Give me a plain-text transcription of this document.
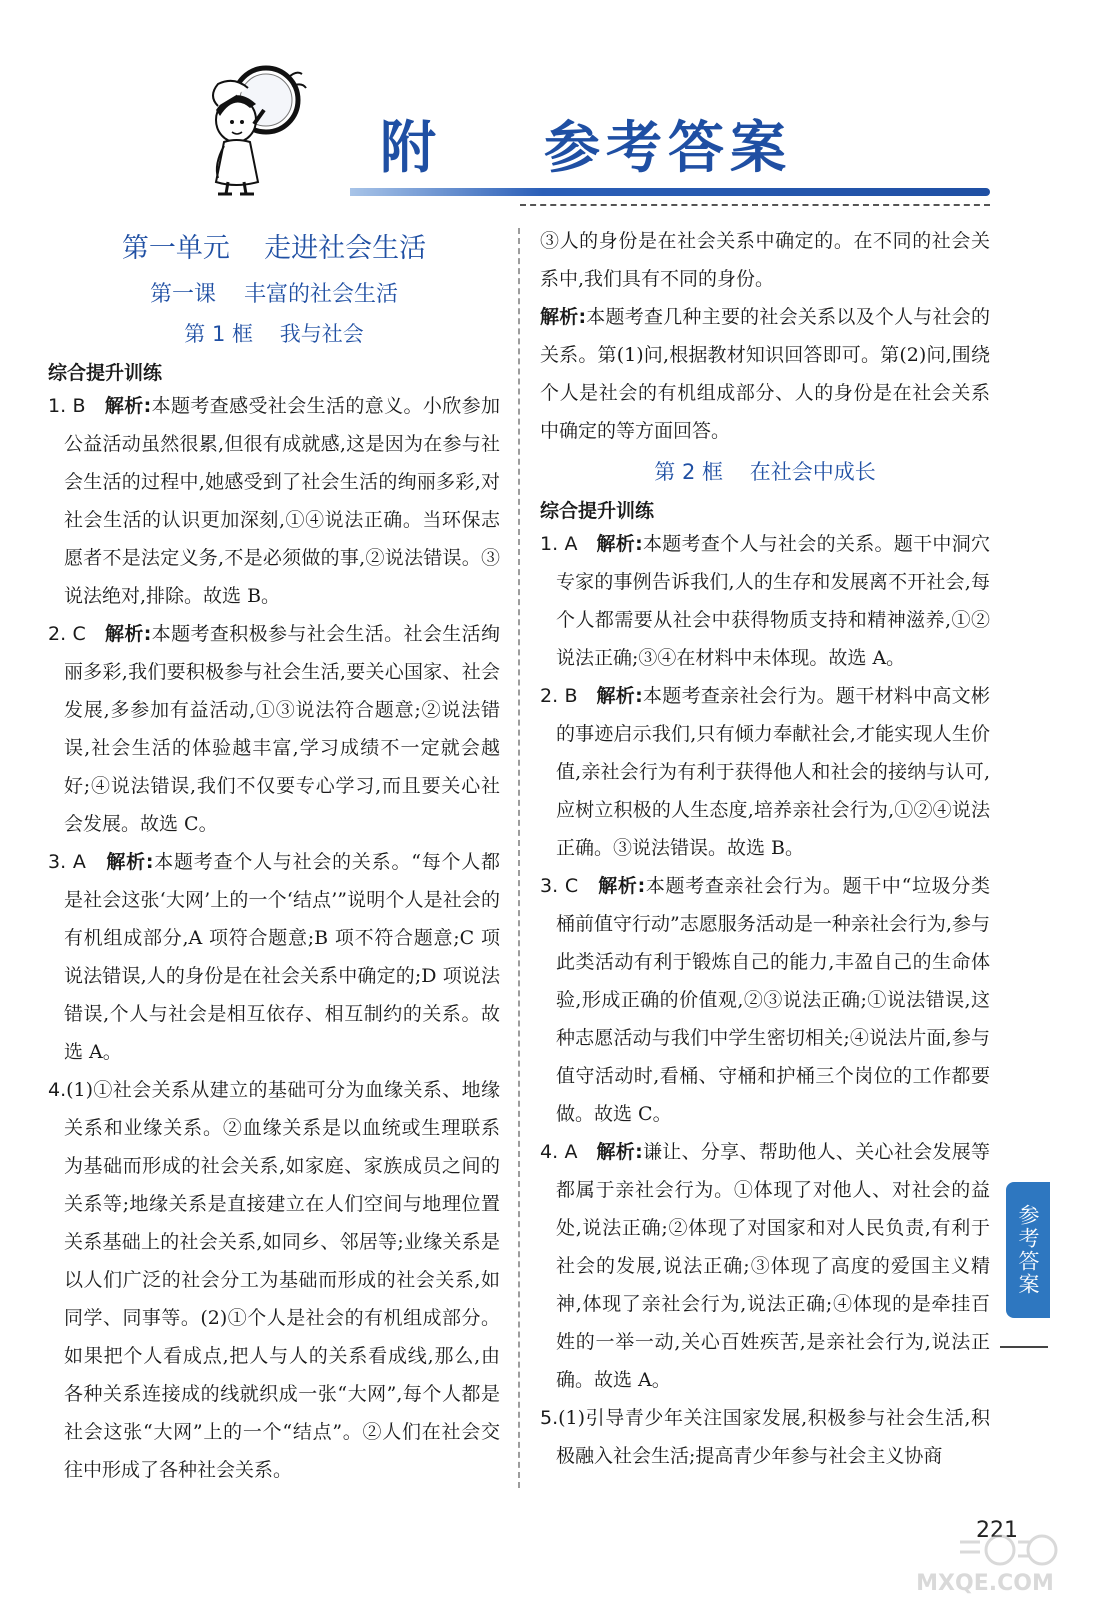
附    参考答案
第一单元    走进社会生活
第一课    丰富的社会生活
第 1 框    我与社会
综合提升训练

1. B 解析:本题考查感受社会生活的意义。小欣参加公益活动虽然很累,但很有成就感,这是因为在参与社会生活的过程中,她感受到了社会生活的绚丽多彩,对社会生活的认识更加深刻,①④说法正确。当环保志愿者不是法定义务,不是必须做的事,②说法错误。③说法绝对,排除。故选 B。

2. C 解析:本题考查积极参与社会生活。社会生活绚丽多彩,我们要积极参与社会生活,要关心国家、社会发展,多参加有益活动,①③说法符合题意;②说法错误,社会生活的体验越丰富,学习成绩不一定就会越好;④说法错误,我们不仅要专心学习,而且要关心社会发展。故选 C。

3. A 解析:本题考查个人与社会的关系。“每个人都是社会这张‘大网’上的一个‘结点’”说明个人是社会的有机组成部分,A 项符合题意;B 项不符合题意;C 项说法错误,人的身份是在社会关系中确定的;D 项说法错误,个人与社会是相互依存、相互制约的关系。故选 A。

4.(1)①社会关系从建立的基础可分为血缘关系、地缘关系和业缘关系。②血缘关系是以血统或生理联系为基础而形成的社会关系,如家庭、家族成员之间的关系等;地缘关系是直接建立在人们空间与地理位置关系基础上的社会关系,如同乡、邻居等;业缘关系是以人们广泛的社会分工为基础而形成的社会关系,如同学、同事等。(2)①个人是社会的有机组成部分。如果把个人看成点,把人与人的关系看成线,那么,由各种关系连接成的线就织成一张“大网”,每个人都是社会这张“大网”上的一个“结点”。②人们在社会交往中形成了各种社会关系。

③人的身份是在社会关系中确定的。在不同的社会关系中,我们具有不同的身份。

解析:本题考查几种主要的社会关系以及个人与社会的关系。第(1)问,根据教材知识回答即可。第(2)问,围绕个人是社会的有机组成部分、人的身份是在社会关系中确定的等方面回答。

第 2 框    在社会中成长
综合提升训练

1. A 解析:本题考查个人与社会的关系。题干中洞穴专家的事例告诉我们,人的生存和发展离不开社会,每个人都需要从社会中获得物质支持和精神滋养,①②说法正确;③④在材料中未体现。故选 A。

2. B 解析:本题考查亲社会行为。题干材料中高文彬的事迹启示我们,只有倾力奉献社会,才能实现人生价值,亲社会行为有利于获得他人和社会的接纳与认可,应树立积极的人生态度,培养亲社会行为,①②④说法正确。③说法错误。故选 B。

3. C 解析:本题考查亲社会行为。题干中“垃圾分类桶前值守行动”志愿服务活动是一种亲社会行为,参与此类活动有利于锻炼自己的能力,丰盈自己的生命体验,形成正确的价值观,②③说法正确;①说法错误,这种志愿活动与我们中学生密切相关;④说法片面,参与值守活动时,看桶、守桶和护桶三个岗位的工作都要做。故选 C。

4. A 解析:谦让、分享、帮助他人、关心社会发展等都属于亲社会行为。①体现了对他人、对社会的益处,说法正确;②体现了对国家和对人民负责,有利于社会的发展,说法正确;③体现了高度的爱国主义精神,体现了亲社会行为,说法正确;④体现的是牵挂百姓的一举一动,关心百姓疾苦,是亲社会行为,说法正确。故选 A。

5.(1)引导青少年关注国家发展,积极参与社会生活,积极融入社会生活;提高青少年参与社会主义协商

参考答案
221
MXQE.COM
